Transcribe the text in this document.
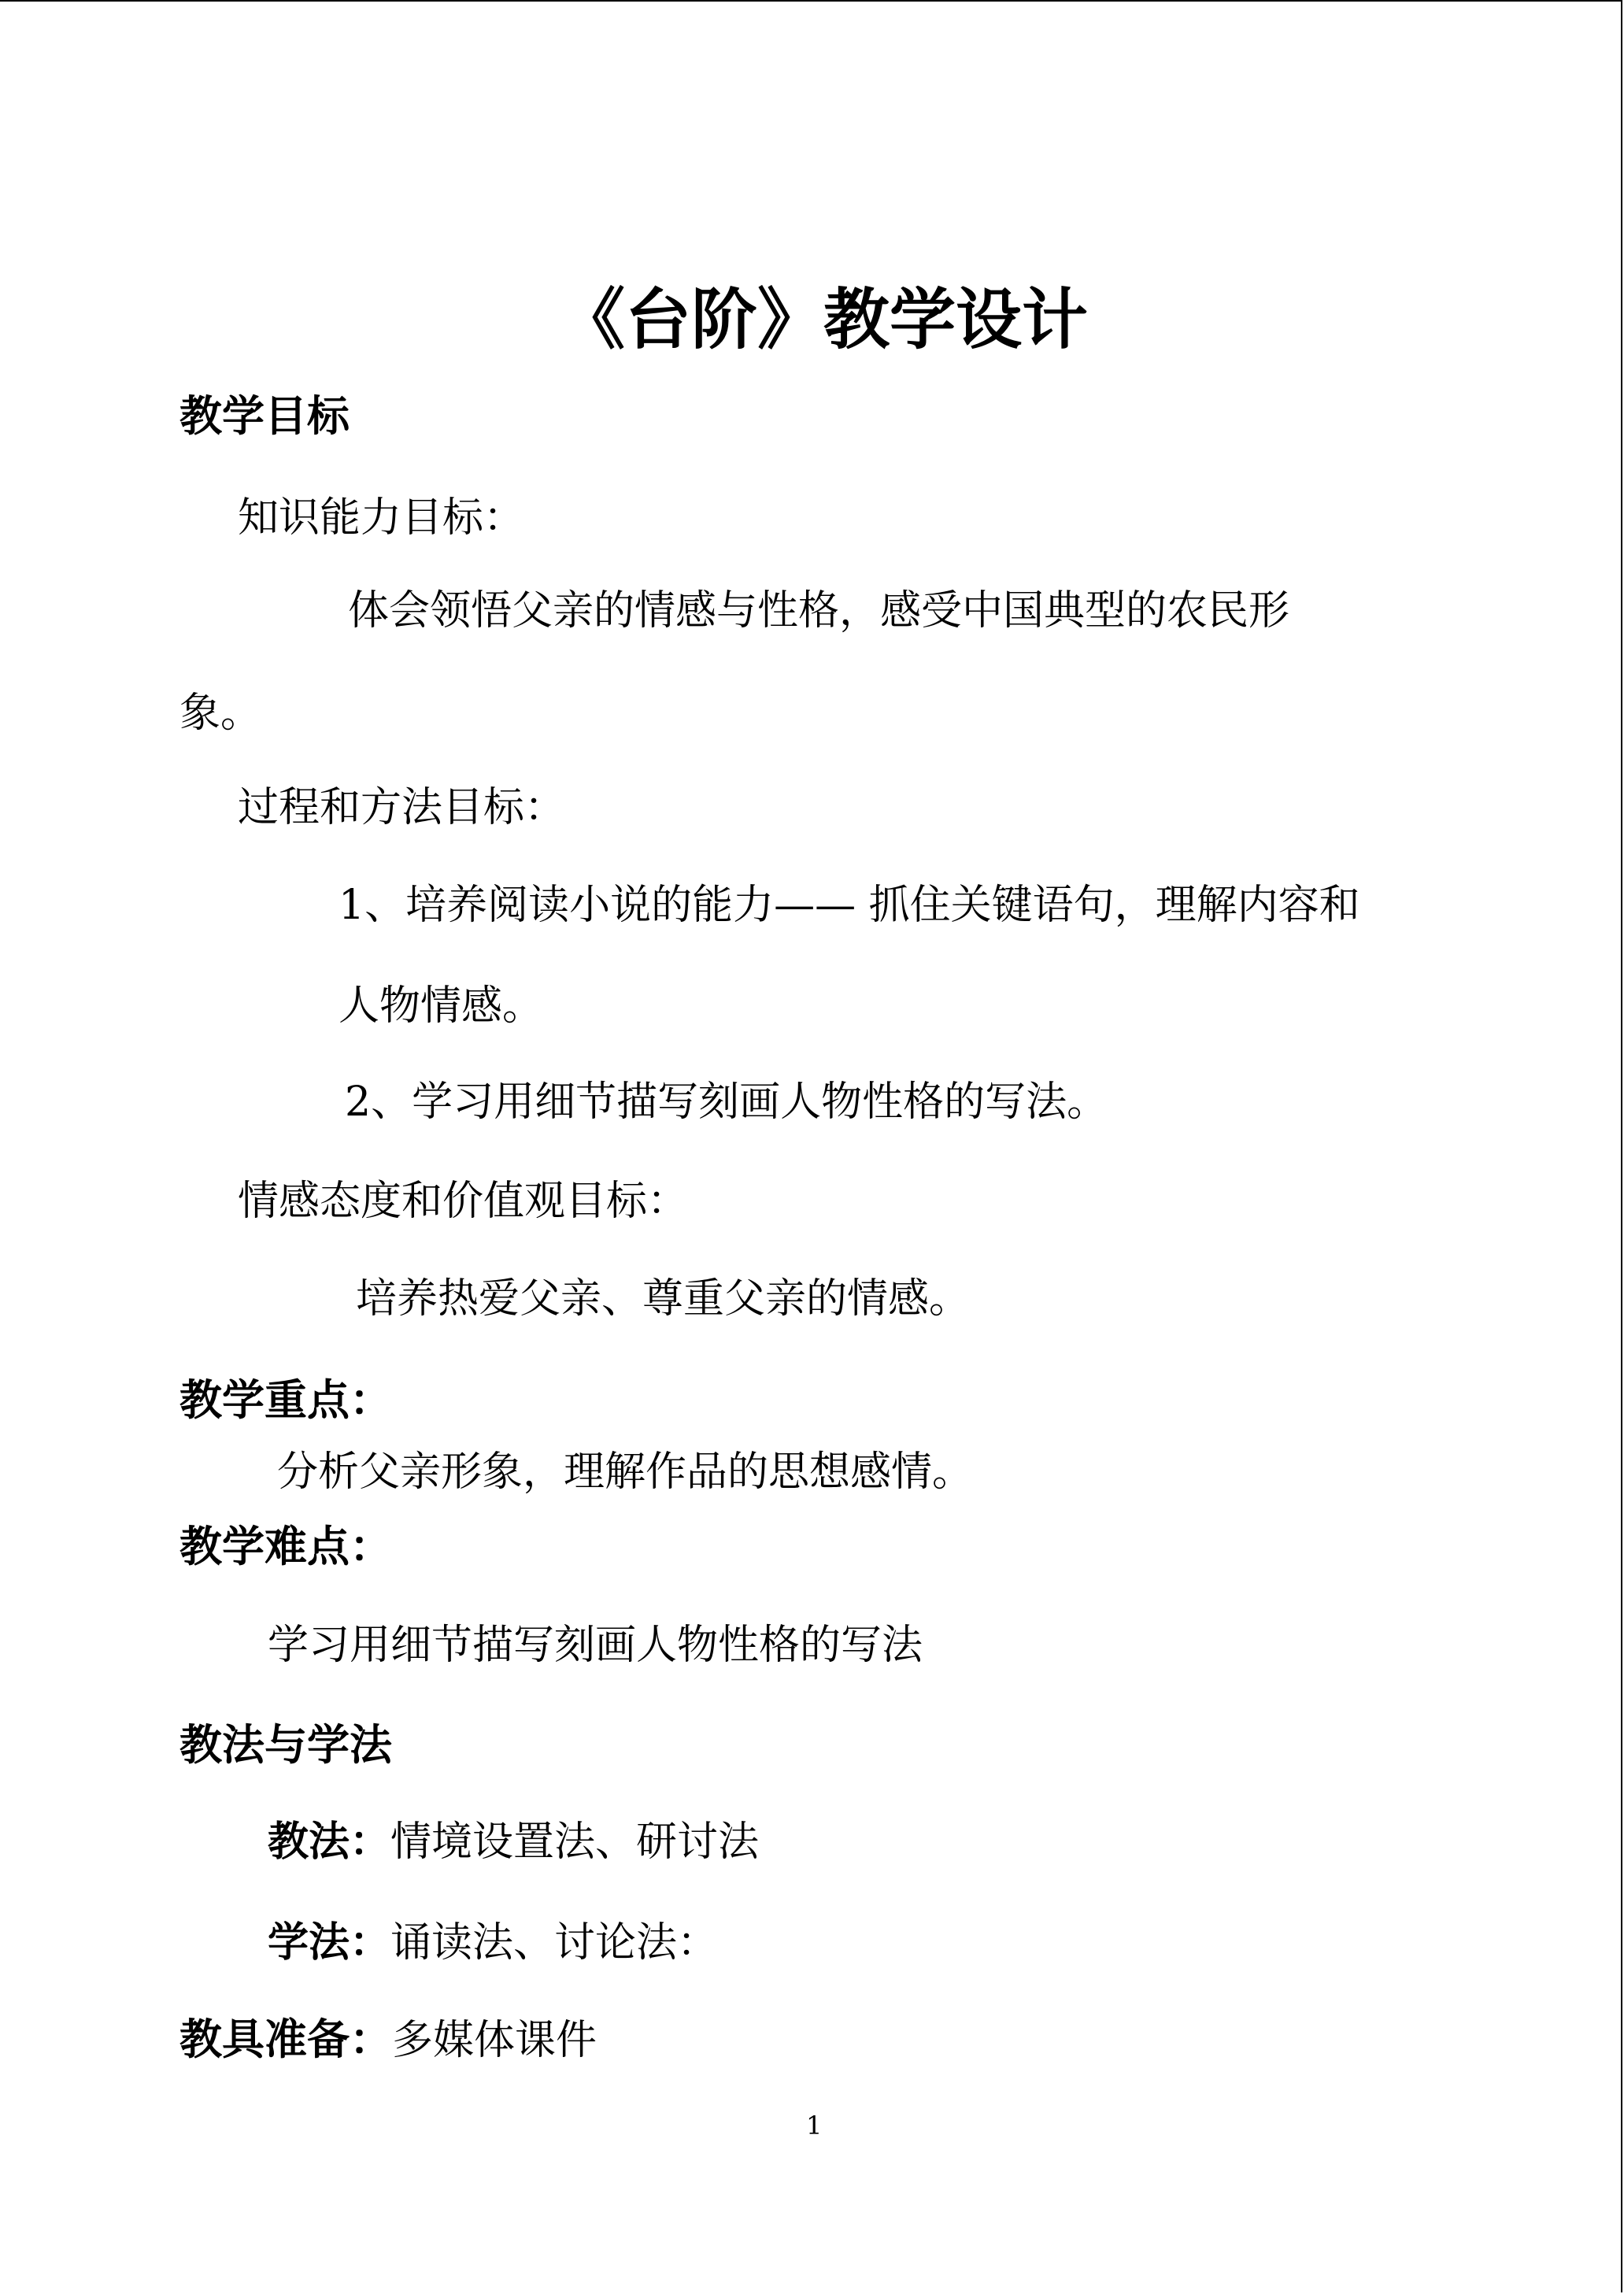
《台阶》教学设计
教学目标
知识能力目标：
体会领悟父亲的情感与性格，感受中国典型的农民形
象。
过程和方法目标：
1、培养阅读小说的能力—— 抓住关键语句，理解内容和
人物情感。
2、学习用细节描写刻画人物性格的写法。
情感态度和价值观目标：
培养热爱父亲、尊重父亲的情感。
教学重点：
分析父亲形象，理解作品的思想感情。
教学难点：
学习用细节描写刻画人物性格的写法
教法与学法
教法：情境设置法、研讨法
学法：诵读法、讨论法：
教具准备：多媒体课件
1
